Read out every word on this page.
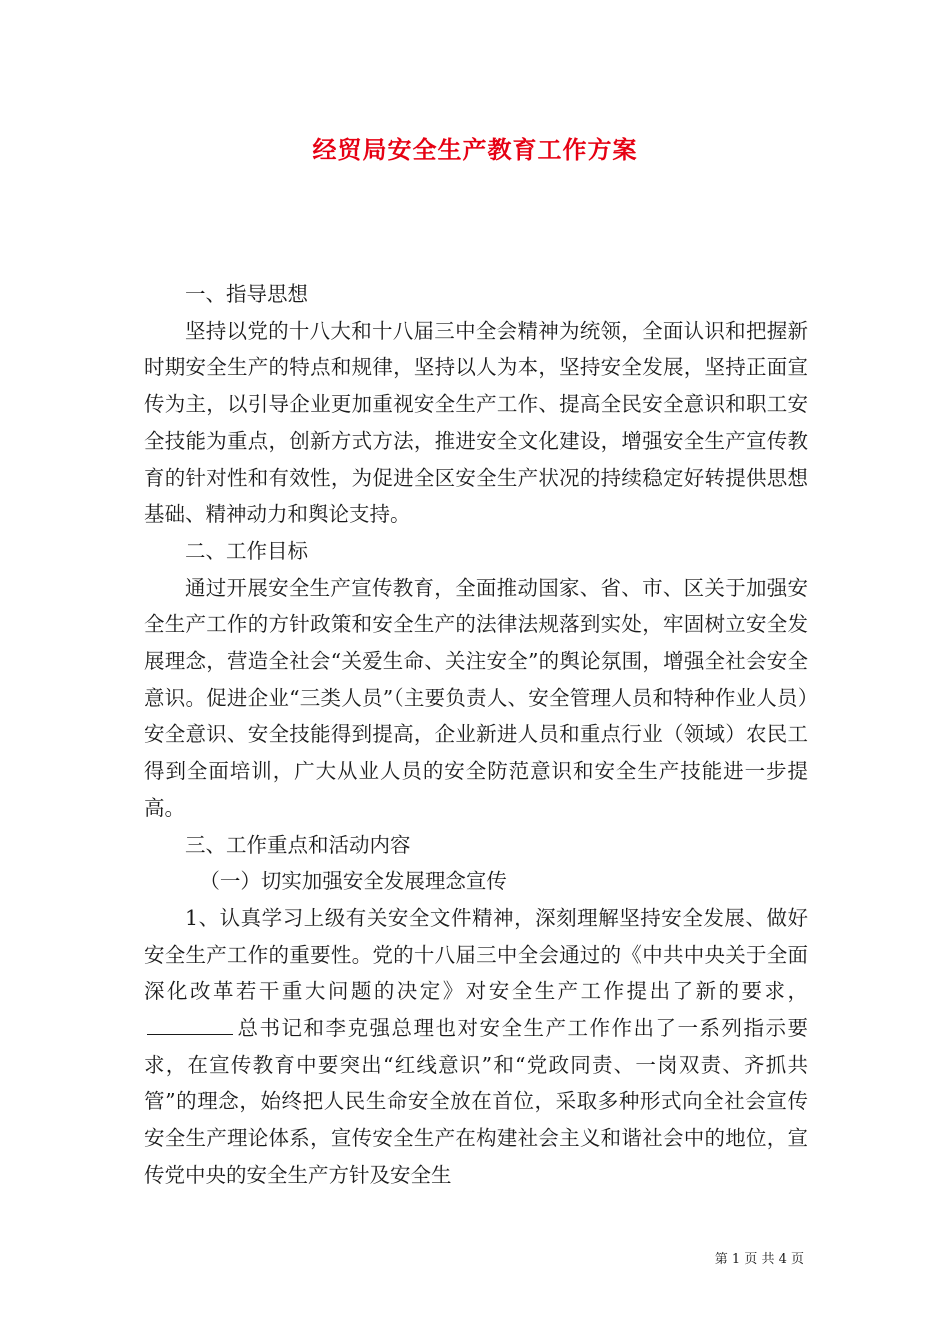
经贸局安全生产教育工作方案

一、指导思想

坚持以党的十八大和十八届三中全会精神为统领，全面认识和把握新时期安全生产的特点和规律，坚持以人为本，坚持安全发展，坚持正面宣传为主，以引导企业更加重视安全生产工作、提高全民安全意识和职工安全技能为重点，创新方式方法，推进安全文化建设，增强安全生产宣传教育的针对性和有效性，为促进全区安全生产状况的持续稳定好转提供思想基础、精神动力和舆论支持。

二、工作目标

通过开展安全生产宣传教育，全面推动国家、省、市、区关于加强安全生产工作的方针政策和安全生产的法律法规落到实处，牢固树立安全发展理念，营造全社会“关爱生命、关注安全”的舆论氛围，增强全社会安全意识。促进企业“三类人员”（主要负责人、安全管理人员和特种作业人员）安全意识、安全技能得到提高，企业新进人员和重点行业（领域）农民工得到全面培训，广大从业人员的安全防范意识和安全生产技能进一步提高。

三、工作重点和活动内容

（一）切实加强安全发展理念宣传

1、认真学习上级有关安全文件精神，深刻理解坚持安全发展、做好安全生产工作的重要性。党的十八届三中全会通过的《中共中央关于全面深化改革若干重大问题的决定》对安全生产工作提出了新的要求，总书记和李克强总理也对安全生产工作作出了一系列指示要求，在宣传教育中要突出“红线意识”和“党政同责、一岗双责、齐抓共管”的理念，始终把人民生命安全放在首位，采取多种形式向全社会宣传安全生产理论体系，宣传安全生产在构建社会主义和谐社会中的地位，宣传党中央的安全生产方针及安全生

第 1 页 共 4 页
